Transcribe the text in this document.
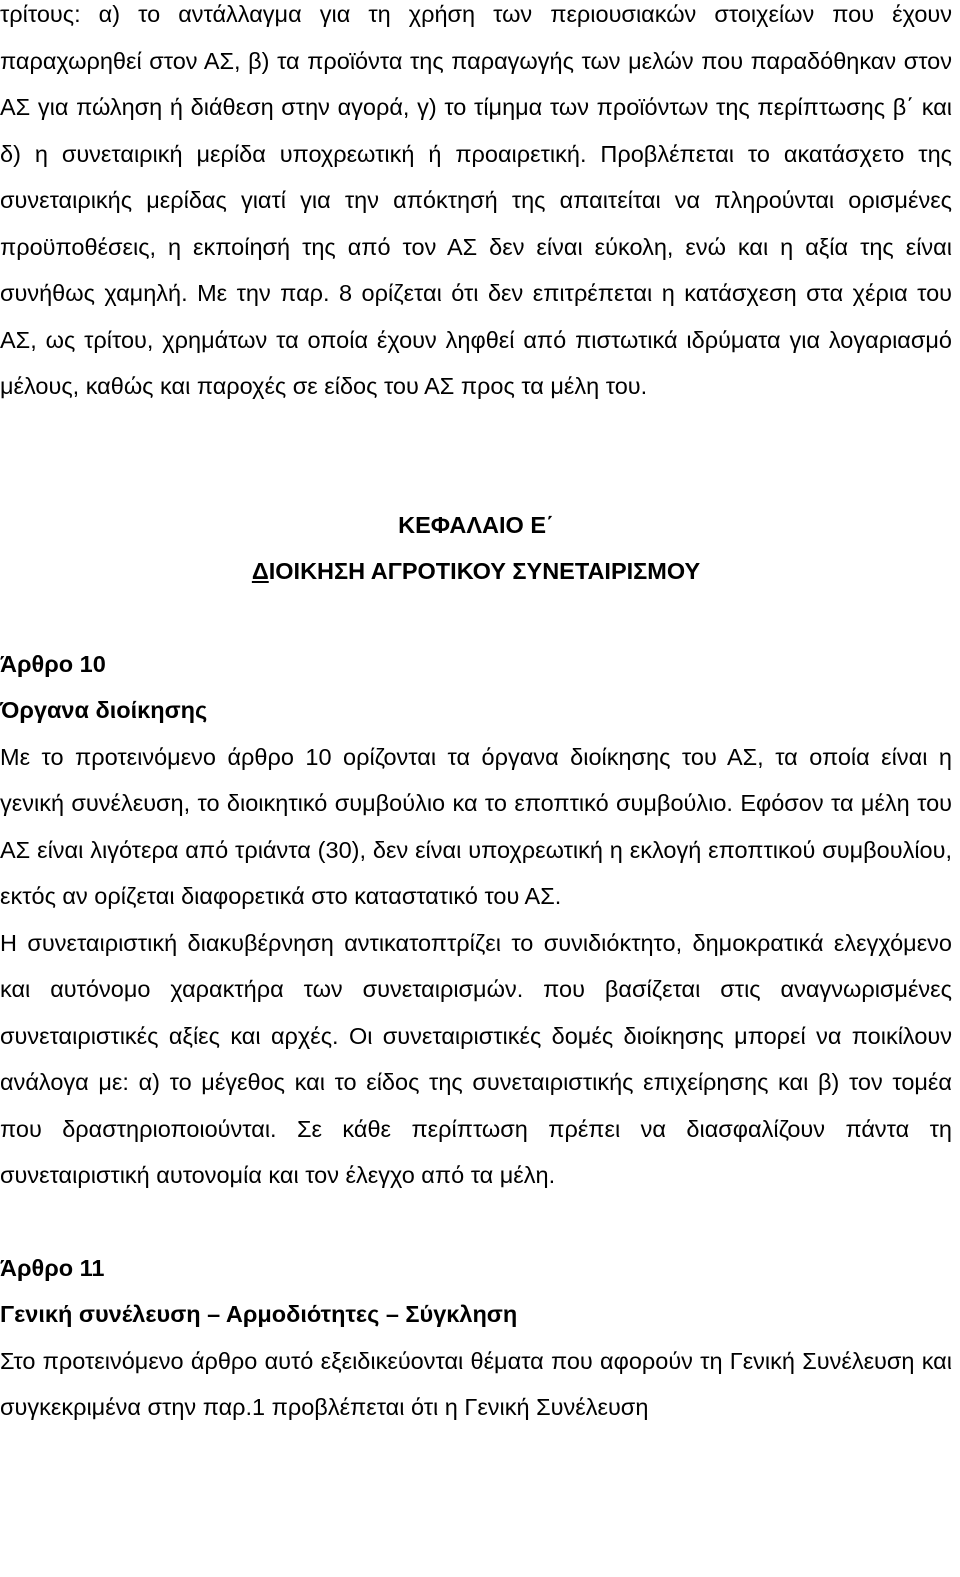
τρίτους: α) το αντάλλαγμα για τη χρήση των περιουσιακών στοιχείων που έχουν παραχωρηθεί στον ΑΣ, β) τα προϊόντα της παραγωγής των μελών που παραδόθηκαν στον ΑΣ για πώληση ή διάθεση στην αγορά, γ) το τίμημα των προϊόντων της περίπτωσης β΄ και δ) η συνεταιρική μερίδα υποχρεωτική ή προαιρετική. Προβλέπεται το ακατάσχετο της συνεταιρικής μερίδας γιατί για την απόκτησή της απαιτείται να πληρούνται ορισμένες προϋποθέσεις, η εκποίησή της από τον ΑΣ δεν είναι εύκολη, ενώ και η αξία της είναι συνήθως χαμηλή. Με την παρ. 8 ορίζεται ότι δεν επιτρέπεται η κατάσχεση στα χέρια του ΑΣ, ως τρίτου, χρημάτων τα οποία έχουν ληφθεί από πιστωτικά ιδρύματα για λογαριασμό μέλους, καθώς και παροχές σε είδος του ΑΣ προς τα μέλη του.

ΚΕΦΑΛΑΙΟ Ε΄
ΔΙΟΙΚΗΣΗ ΑΓΡΟΤΙΚΟΥ ΣΥΝΕΤΑΙΡΙΣΜΟΥ
Άρθρο 10
Όργανα διοίκησης

Με το προτεινόμενο άρθρο 10 ορίζονται τα όργανα διοίκησης του ΑΣ, τα οποία είναι η γενική συνέλευση, το διοικητικό συμβούλιο κα το εποπτικό συμβούλιο. Εφόσον τα μέλη του ΑΣ είναι λιγότερα από τριάντα (30), δεν είναι υποχρεωτική η εκλογή εποπτικού συμβουλίου, εκτός αν ορίζεται διαφορετικά στο καταστατικό του ΑΣ.

Η συνεταιριστική διακυβέρνηση αντικατοπτρίζει το συνιδιόκτητο, δημοκρατικά ελεγχόμενο και αυτόνομο χαρακτήρα των συνεταιρισμών. που βασίζεται στις αναγνωρισμένες συνεταιριστικές αξίες και αρχές. Οι συνεταιριστικές δομές διοίκησης μπορεί να ποικίλουν ανάλογα με: α) το μέγεθος και το είδος της συνεταιριστικής επιχείρησης και β) τον τομέα που δραστηριοποιούνται. Σε κάθε περίπτωση πρέπει να διασφαλίζουν πάντα τη συνεταιριστική αυτονομία και τον έλεγχο από τα μέλη.

Άρθρο 11
Γενική συνέλευση – Αρμοδιότητες – Σύγκληση

Στο προτεινόμενο άρθρο αυτό εξειδικεύονται θέματα που αφορούν τη Γενική Συνέλευση και συγκεκριμένα στην παρ.1 προβλέπεται ότι η Γενική Συνέλευση
